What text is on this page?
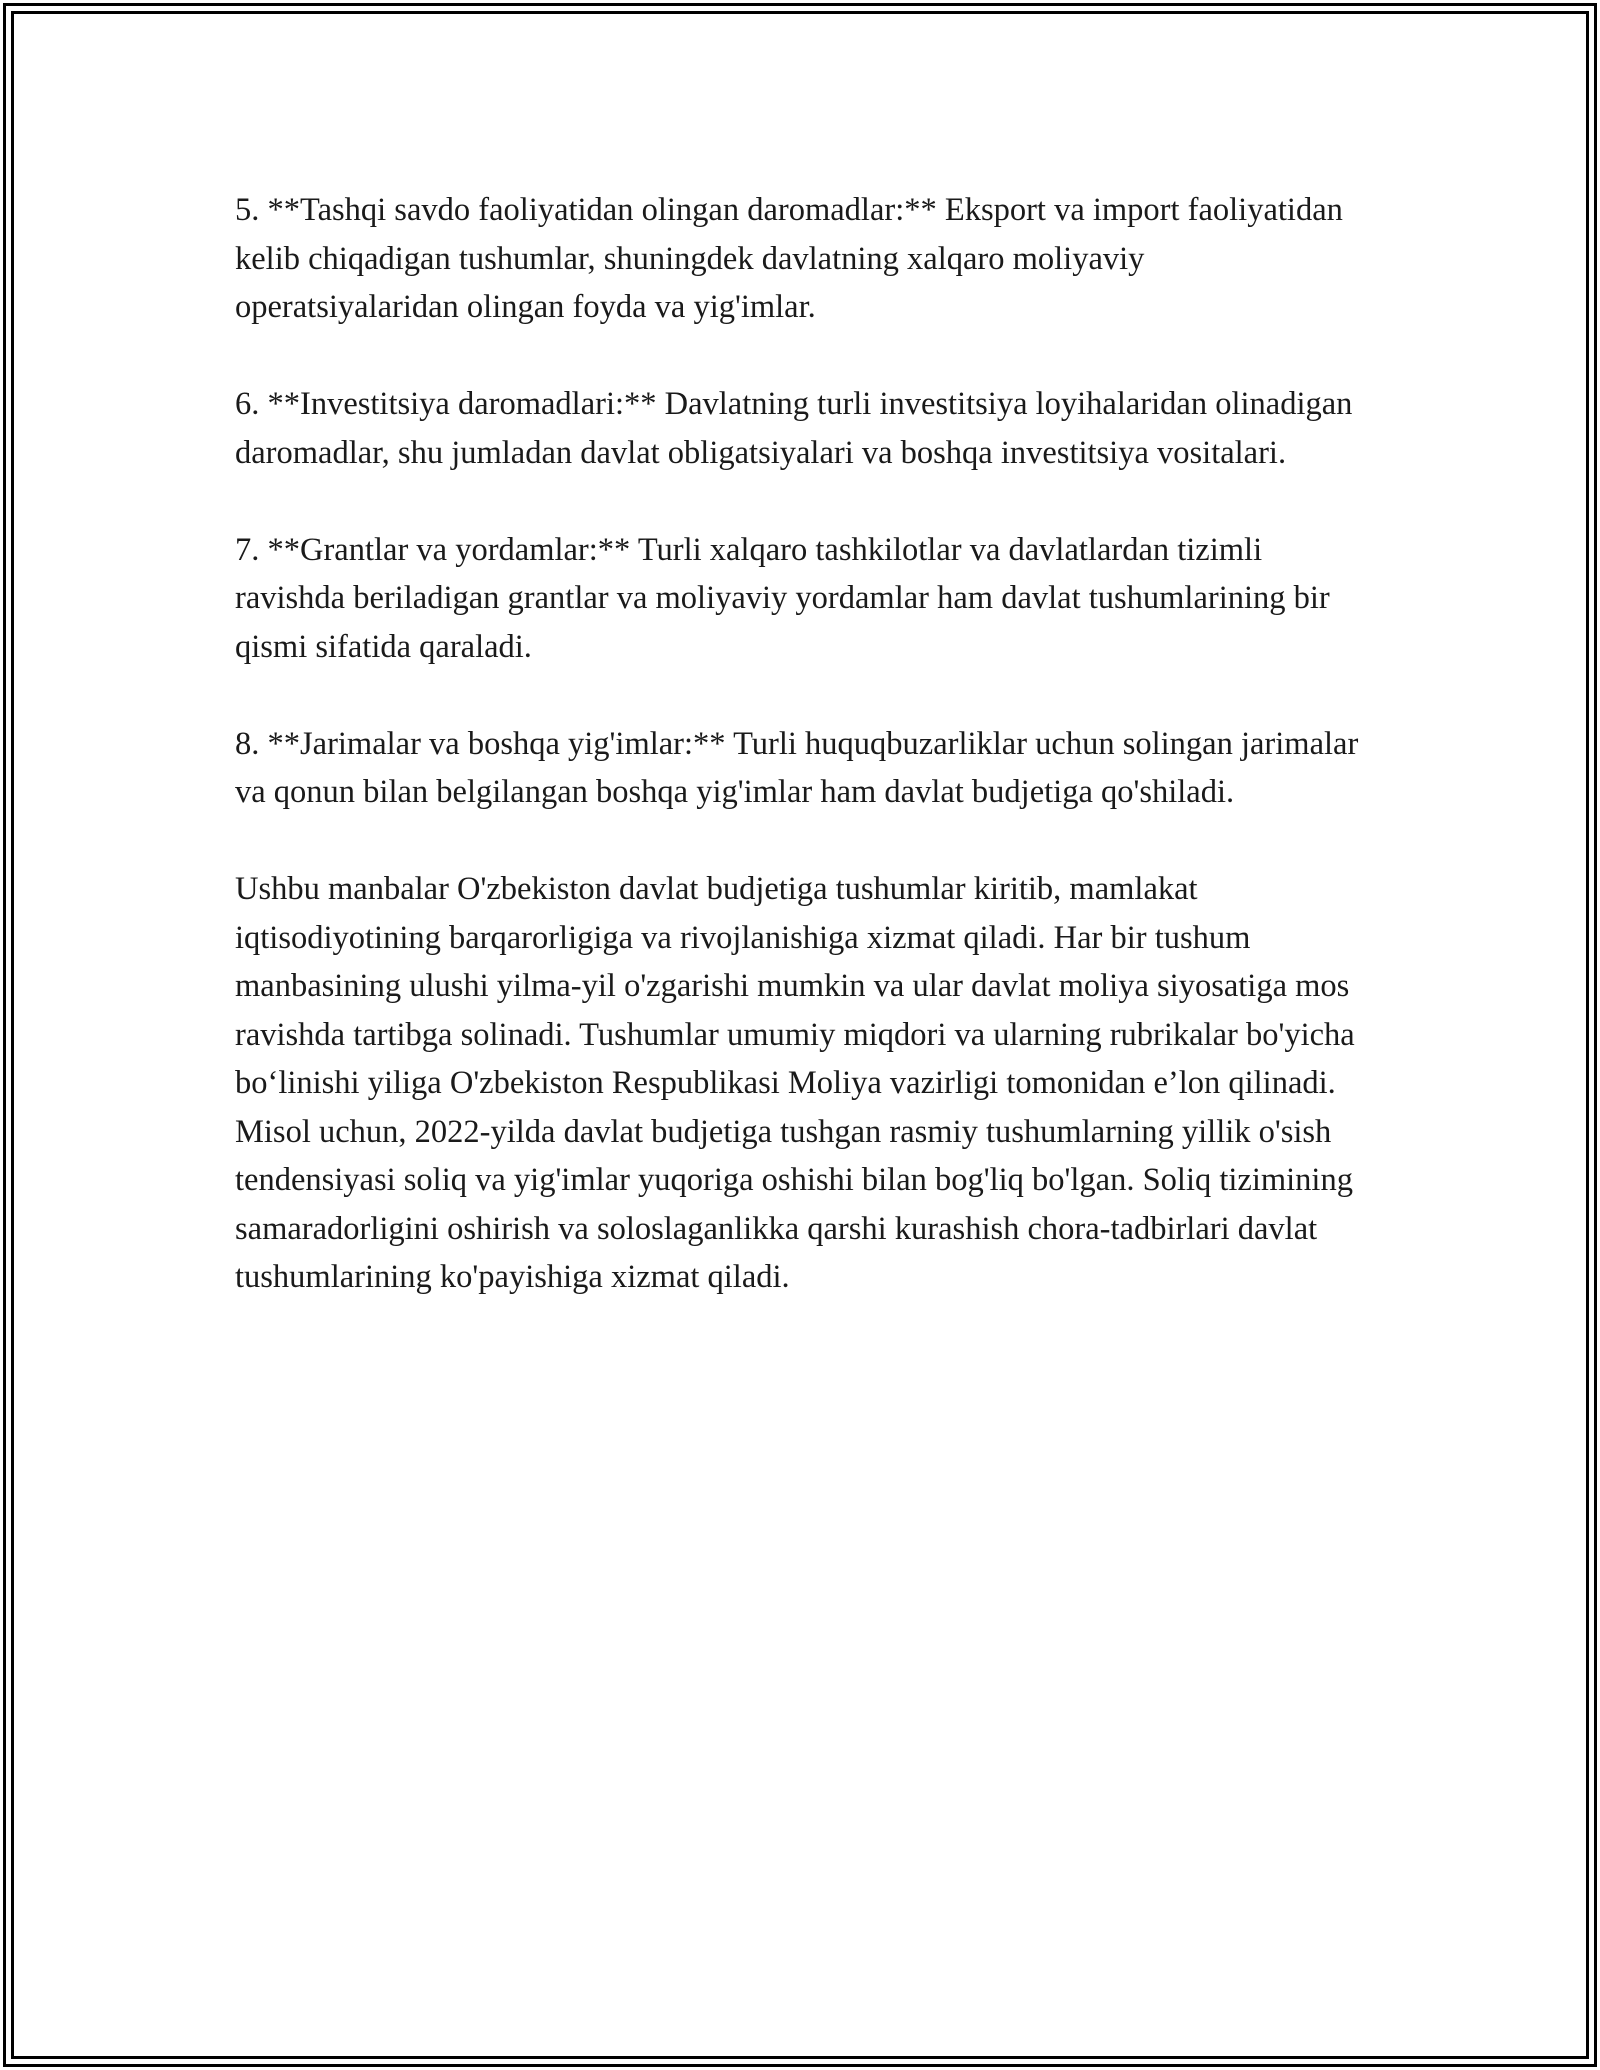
5. **Tashqi savdo faoliyatidan olingan daromadlar:** Eksport va import faoliyatidan kelib chiqadigan tushumlar, shuningdek davlatning xalqaro moliyaviy operatsiyalaridan olingan foyda va yig'imlar.

6. **Investitsiya daromadlari:** Davlatning turli investitsiya loyihalaridan olinadigan daromadlar, shu jumladan davlat obligatsiyalari va boshqa investitsiya vositalari.

7. **Grantlar va yordamlar:** Turli xalqaro tashkilotlar va davlatlardan tizimli ravishda beriladigan grantlar va moliyaviy yordamlar ham davlat tushumlarining bir qismi sifatida qaraladi.

8. **Jarimalar va boshqa yig'imlar:** Turli huquqbuzarliklar uchun solingan jarimalar va qonun bilan belgilangan boshqa yig'imlar ham davlat budjetiga qo'shiladi.

Ushbu manbalar O'zbekiston davlat budjetiga tushumlar kiritib, mamlakat iqtisodiyotining barqarorligiga va rivojlanishiga xizmat qiladi. Har bir tushum manbasining ulushi yilma-yil o'zgarishi mumkin va ular davlat moliya siyosatiga mos ravishda tartibga solinadi. Tushumlar umumiy miqdori va ularning rubrikalar bo'yicha bo‘linishi yiliga O'zbekiston Respublikasi Moliya vazirligi tomonidan e’lon qilinadi. Misol uchun, 2022-yilda davlat budjetiga tushgan rasmiy tushumlarning yillik o'sish tendensiyasi soliq va yig'imlar yuqoriga oshishi bilan bog'liq bo'lgan. Soliq tizimining samaradorligini oshirish va soloslaganlikka qarshi kurashish chora-tadbirlari davlat tushumlarining ko'payishiga xizmat qiladi.
